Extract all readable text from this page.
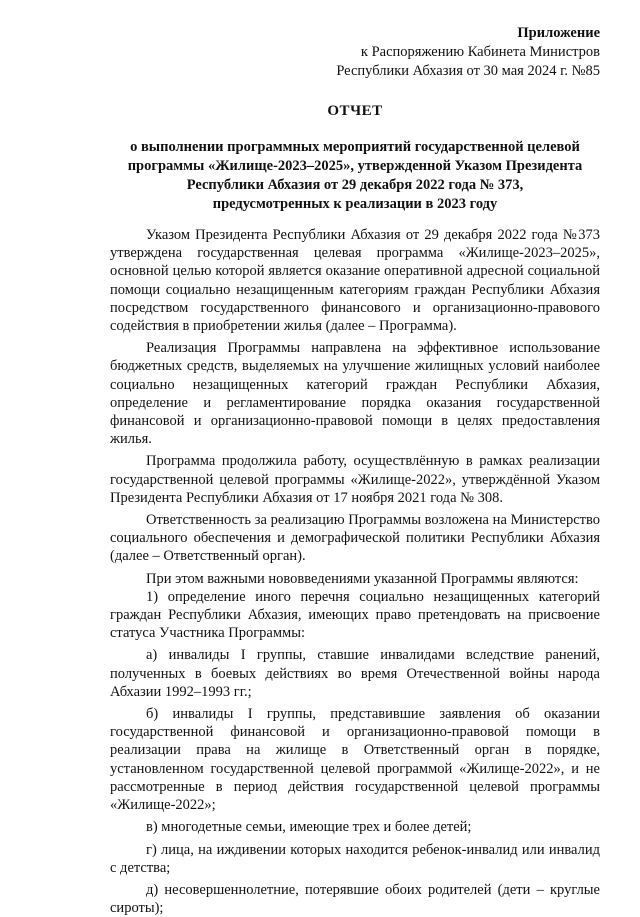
Приложение
к Распоряжению Кабинета Министров
Республики Абхазия от 30 мая 2024 г. №85
ОТЧЕТ
о выполнении программных мероприятий государственной целевой
программы «Жилище-2023–2025», утвержденной Указом Президента
Республики Абхазия от 29 декабря 2022 года № 373,
предусмотренных к реализации в 2023 году

Указом Президента Республики Абхазия от 29 декабря 2022 года №373 утверждена государственная целевая программа «Жилище-2023–2025», основной целью которой является оказание оперативной адресной социальной помощи социально незащищенным категориям граждан Республики Абхазия посредством государственного финансового и организационно-правового содействия в приобретении жилья (далее – Программа).

Реализация Программы направлена на эффективное использование бюджетных средств, выделяемых на улучшение жилищных условий наиболее социально незащищенных категорий граждан Республики Абхазия, определение и регламентирование порядка оказания государственной финансовой и организационно-правовой помощи в целях предоставления жилья.

Программа продолжила работу, осуществлённую в рамках реализации государственной целевой программы «Жилище-2022», утверждённой Указом Президента Республики Абхазия от 17 ноября 2021 года № 308.

Ответственность за реализацию Программы возложена на Министерство социального обеспечения и демографической политики Республики Абхазия (далее – Ответственный орган).

При этом важными нововведениями указанной Программы являются:

1) определение иного перечня социально незащищенных категорий граждан Республики Абхазия, имеющих право претендовать на присвоение статуса Участника Программы:

а) инвалиды I группы, ставшие инвалидами вследствие ранений, полученных в боевых действиях во время Отечественной войны народа Абхазии 1992–1993 гг.;

б) инвалиды I группы, представившие заявления об оказании государственной финансовой и организационно-правовой помощи в реализации права на жилище в Ответственный орган в порядке, установленном государственной целевой программой «Жилище-2022», и не рассмотренные в период действия государственной целевой программы «Жилище-2022»;

в) многодетные семьи, имеющие трех и более детей;

г) лица, на иждивении которых находится ребенок-инвалид или инвалид с детства;

д) несовершеннолетние, потерявшие обоих родителей (дети – круглые сироты);
